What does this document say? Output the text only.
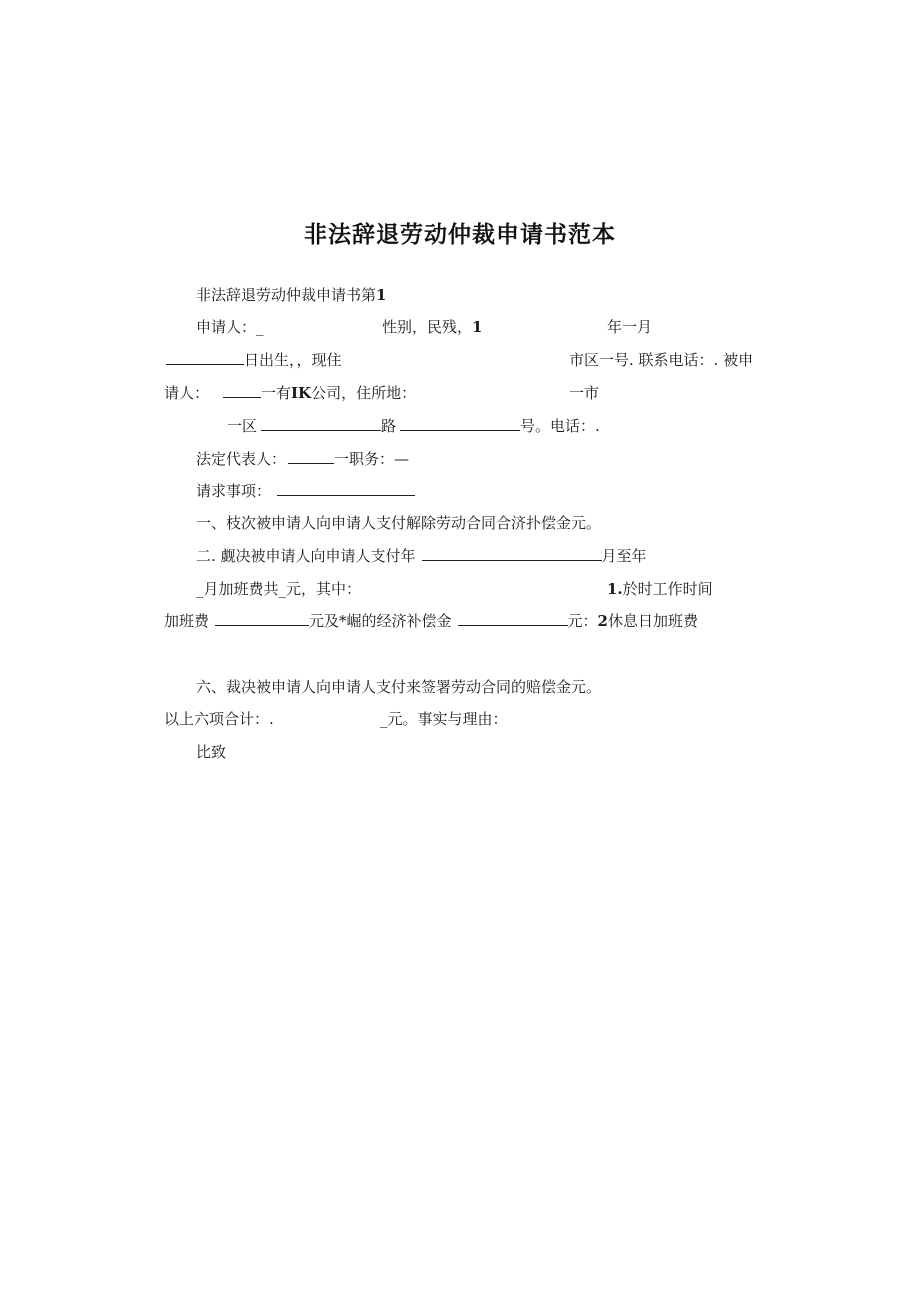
非法辞退劳动仲裁申请书范本
非法辞退劳动仲裁申请书第1
申请人：_	性别，民残，1	年一月
日出生，，现住	市区一号. 联系电话：. 被申
请人：	一有IK公司，住所地：	一市
一区	路	号。电话：.
法定代表人：	一职务：—
请求事项：
一、枝次被申请人向申请人支付解除劳动合同合济扑偿金元。
二. 觑决被申请人向申请人支付年	月至年
_月加班费共_元，其中：	1.於时工作时间
加班费	元及*崛的经济补偿金	元：2休息日加班费
六、裁决被申请人向申请人支付来签署劳动合同的赔偿金元。
以上六项合计：.	_元。事实与理由：
比致
